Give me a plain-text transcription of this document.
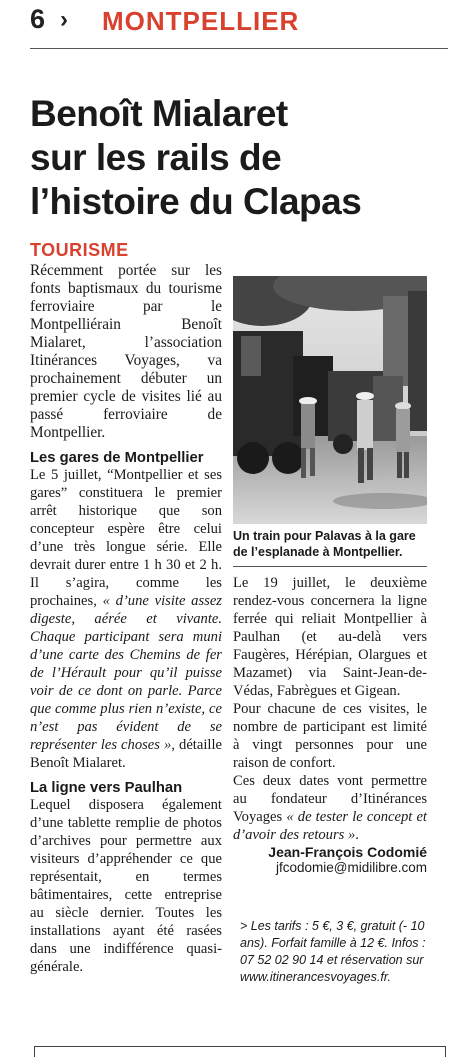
6 › MONTPELLIER
Benoît Mialaret
sur les rails de
l’histoire du Clapas
TOURISME

Récemment portée sur les fonts baptismaux du tourisme ferroviaire par le Montpelliérain Benoît Mialaret, l’association Itinérances Voyages, va prochainement débuter un premier cycle de visites lié au passé ferroviaire de Montpellier.

Les gares de Montpellier

Le 5 juillet, “Montpellier et ses gares” constituera le premier arrêt historique que son concepteur espère être celui d’une très longue série. Elle devrait durer entre 1 h 30 et 2 h. Il s’agira, comme les prochaines, « d’une visite assez digeste, aérée et vivante. Chaque participant sera muni d’une carte des Chemins de fer de l’Hérault pour qu’il puisse voir de ce dont on parle. Parce que comme plus rien n’existe, ce n’est pas évident de se représenter les choses », détaille Benoît Mialaret.

La ligne vers Paulhan

Lequel disposera également d’une tablette remplie de photos d’archives pour permettre aux visiteurs d’appréhender ce que représentait, en termes bâtimentaires, cette entreprise au siècle dernier. Toutes les installations ayant été rasées dans une indifférence quasi-générale.

Un train pour Palavas à la gare de l’esplanade à Montpellier.

Le 19 juillet, le deuxième rendez-vous concernera la ligne ferrée qui reliait Montpellier à Paulhan (et au-delà vers Faugères, Hérépian, Olargues et Mazamet) via Saint-Jean-de-Védas, Fabrègues et Gigean.

Pour chacune de ces visites, le nombre de participant est limité à vingt personnes pour une raison de confort.

Ces deux dates vont permettre au fondateur d’Itinérances Voyages « de tester le concept et d’avoir des retours ».

Jean-François Codomié

jfcodomie@midilibre.com

> Les tarifs : 5 €, 3 €, gratuit (- 10 ans). Forfait famille à 12 €. Infos : 07 52 02 90 14 et réservation sur www.itinerancesvoyages.fr.
